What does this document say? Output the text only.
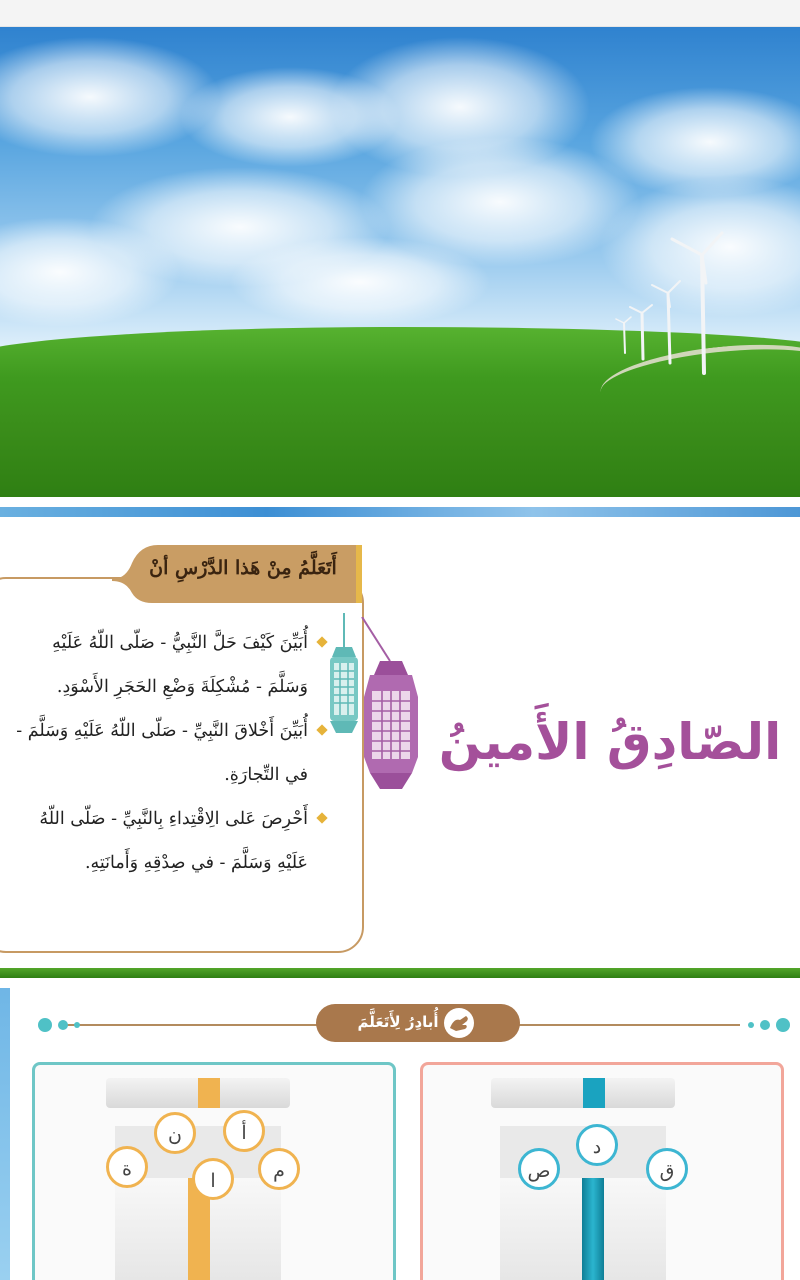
أَتَعَلَّمُ مِنْ هَذا الدَّرْسِ أنْ
أُبَيِّنَ كَيْفَ حَلَّ النَّبِيُّ - صَلّى اللّهُ عَلَيْهِ وَسَلَّمَ - مُشْكِلَةَ وَضْعِ الحَجَرِ الأَسْوَدِ.
أُبَيِّنَ أَخْلاقَ النَّبِيِّ - صَلّى اللّهُ عَلَيْهِ وَسَلَّمَ - في التِّجارَةِ.
أَحْرِصَ عَلى الِاقْتِداءِ بِالنَّبِيِّ - صَلّى اللّهُ عَلَيْهِ وَسَلَّمَ - في صِدْقِهِ وَأَمانَتِهِ.
الصّادِقُ الأَمينُ
أُبادِرُ لِأَتَعَلَّمَ
أ
ن
ة
ا	م
د
ص	ق
